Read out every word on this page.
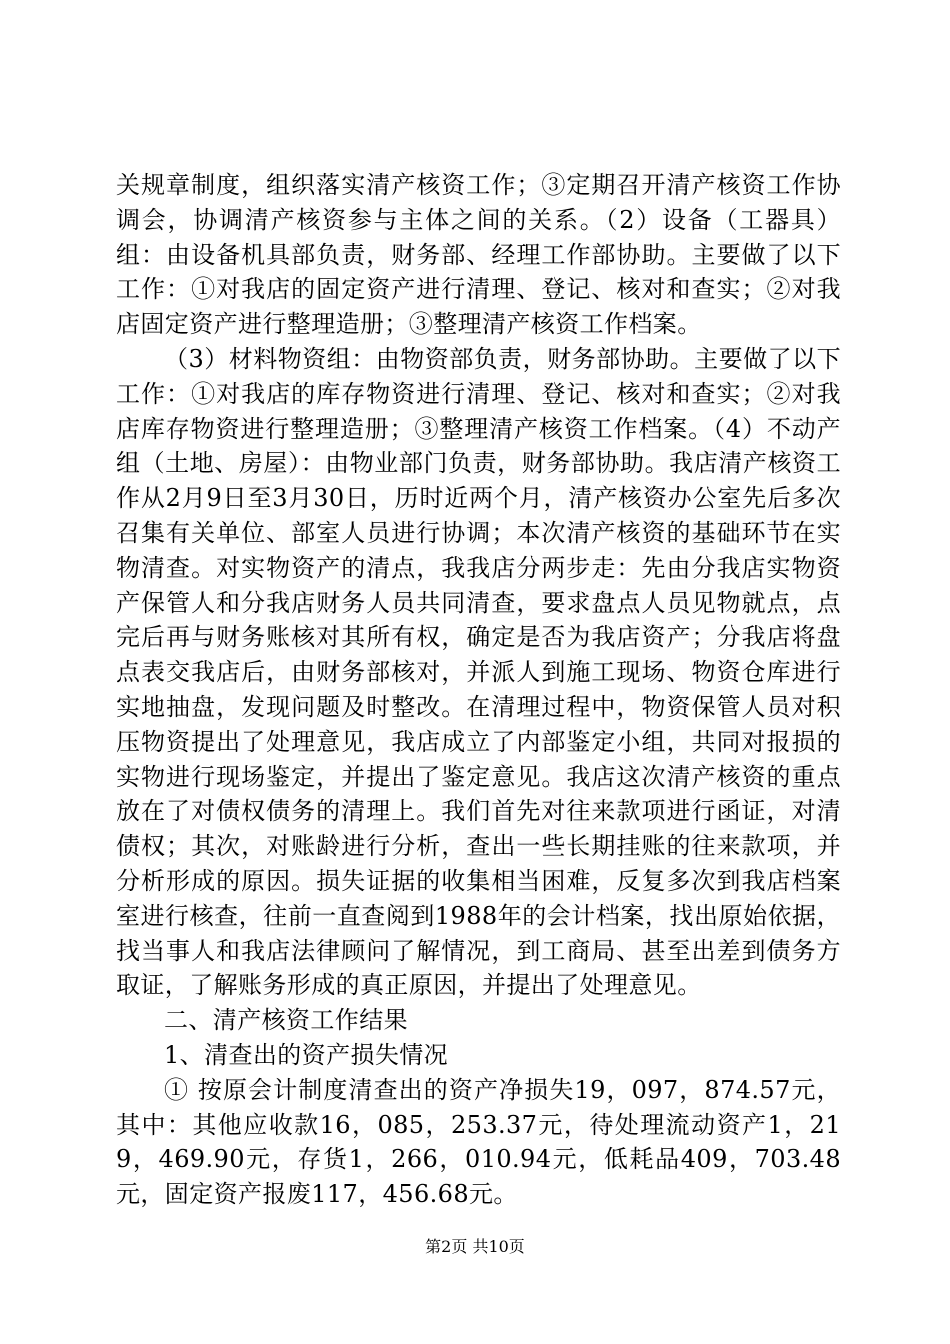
关规章制度，组织落实清产核资工作；③定期召开清产核资工作协调会，协调清产核资参与主体之间的关系。（2）设备（工器具）组：由设备机具部负责，财务部、经理工作部协助。主要做了以下工作：①对我店的固定资产进行清理、登记、核对和查实；②对我店固定资产进行整理造册；③整理清产核资工作档案。

（3）材料物资组：由物资部负责，财务部协助。主要做了以下工作：①对我店的库存物资进行清理、登记、核对和查实；②对我店库存物资进行整理造册；③整理清产核资工作档案。（4）不动产组（土地、房屋）：由物业部门负责，财务部协助。我店清产核资工作从2月9日至3月30日，历时近两个月，清产核资办公室先后多次召集有关单位、部室人员进行协调；本次清产核资的基础环节在实物清查。对实物资产的清点，我我店分两步走：先由分我店实物资产保管人和分我店财务人员共同清查，要求盘点人员见物就点，点完后再与财务账核对其所有权，确定是否为我店资产；分我店将盘点表交我店后，由财务部核对，并派人到施工现场、物资仓库进行实地抽盘，发现问题及时整改。在清理过程中，物资保管人员对积压物资提出了处理意见，我店成立了内部鉴定小组，共同对报损的实物进行现场鉴定，并提出了鉴定意见。我店这次清产核资的重点放在了对债权债务的清理上。我们首先对往来款项进行函证，对清债权；其次，对账龄进行分析，查出一些长期挂账的往来款项，并分析形成的原因。损失证据的收集相当困难，反复多次到我店档案室进行核查，往前一直查阅到1988年的会计档案，找出原始依据，找当事人和我店法律顾问了解情况，到工商局、甚至出差到债务方取证，了解账务形成的真正原因，并提出了处理意见。

二、清产核资工作结果

1、清查出的资产损失情况

① 按原会计制度清查出的资产净损失19，097，874.57元，其中：其他应收款16，085，253.37元，待处理流动资产1，219，469.90元，存货1，266，010.94元，低耗品409，703.48元，固定资产报废117，456.68元。

第2页 共10页
